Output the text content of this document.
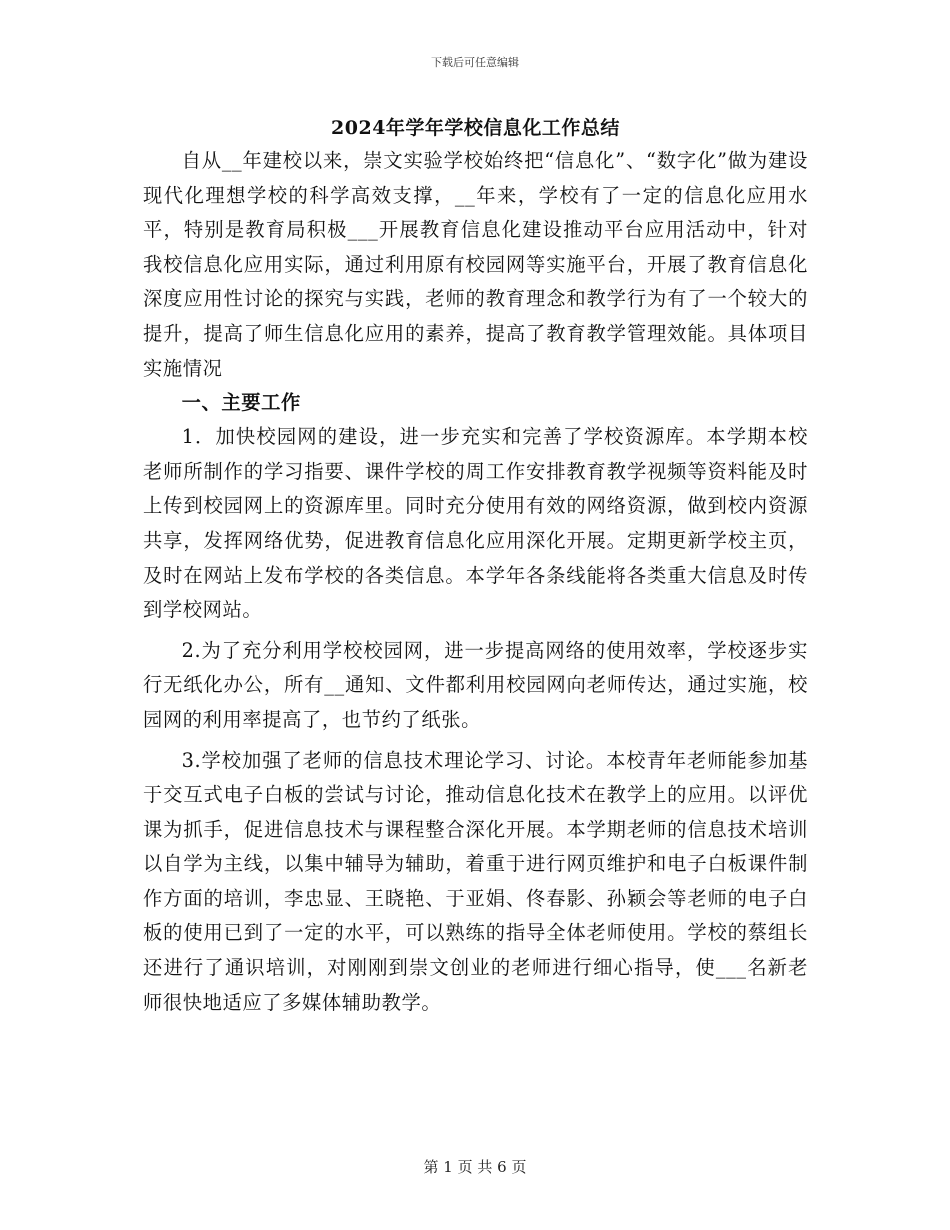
下载后可任意编辑
2024年学年学校信息化工作总结

自从__年建校以来，崇文实验学校始终把“信息化”、“数字化”做为建设现代化理想学校的科学高效支撑，__年来，学校有了一定的信息化应用水平，特别是教育局积极___开展教育信息化建设推动平台应用活动中，针对我校信息化应用实际，通过利用原有校园网等实施平台，开展了教育信息化深度应用性讨论的探究与实践，老师的教育理念和教学行为有了一个较大的提升，提高了师生信息化应用的素养，提高了教育教学管理效能。具体项目实施情况

一、主要工作

1．加快校园网的建设，进一步充实和完善了学校资源库。本学期本校老师所制作的学习指要、课件学校的周工作安排教育教学视频等资料能及时上传到校园网上的资源库里。同时充分使用有效的网络资源，做到校内资源共享，发挥网络优势，促进教育信息化应用深化开展。定期更新学校主页，及时在网站上发布学校的各类信息。本学年各条线能将各类重大信息及时传到学校网站。

2.为了充分利用学校校园网，进一步提高网络的使用效率，学校逐步实行无纸化办公，所有__通知、文件都利用校园网向老师传达，通过实施，校园网的利用率提高了，也节约了纸张。

3.学校加强了老师的信息技术理论学习、讨论。本校青年老师能参加基于交互式电子白板的尝试与讨论，推动信息化技术在教学上的应用。以评优课为抓手，促进信息技术与课程整合深化开展。本学期老师的信息技术培训以自学为主线，以集中辅导为辅助，着重于进行网页维护和电子白板课件制作方面的培训，李忠显、王晓艳、于亚娟、佟春影、孙颖会等老师的电子白板的使用已到了一定的水平，可以熟练的指导全体老师使用。学校的蔡组长还进行了通识培训，对刚刚到崇文创业的老师进行细心指导，使___名新老师很快地适应了多媒体辅助教学。

第 1 页 共 6 页
